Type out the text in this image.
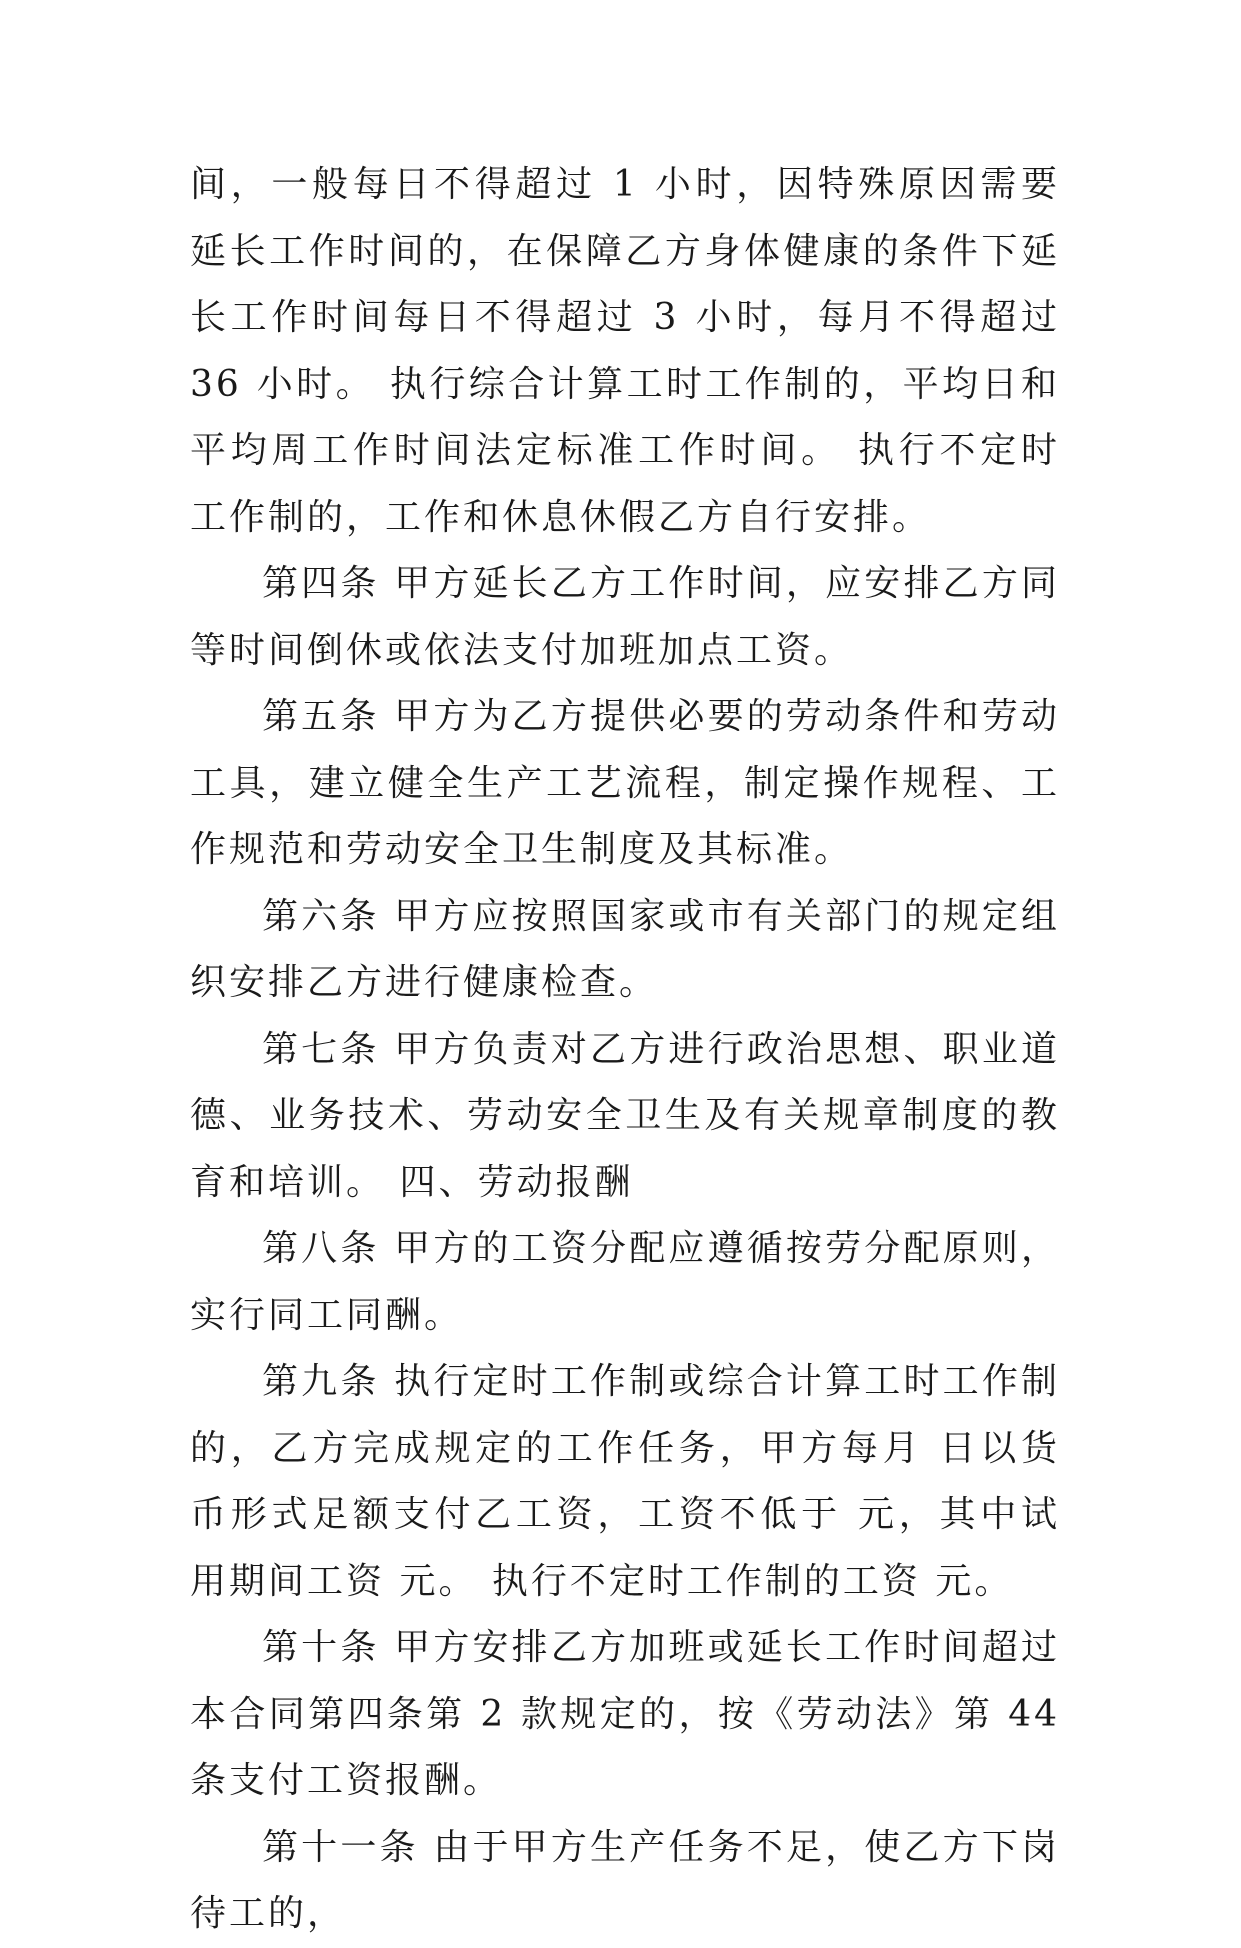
间，一般每日不得超过 1 小时，因特殊原因需要延长工作时间的，在保障乙方身体健康的条件下延长工作时间每日不得超过 3 小时，每月不得超过 36 小时。 执行综合计算工时工作制的，平均日和平均周工作时间法定标准工作时间。 执行不定时工作制的，工作和休息休假乙方自行安排。

第四条 甲方延长乙方工作时间，应安排乙方同等时间倒休或依法支付加班加点工资。

第五条 甲方为乙方提供必要的劳动条件和劳动工具，建立健全生产工艺流程，制定操作规程、工作规范和劳动安全卫生制度及其标准。

第六条 甲方应按照国家或市有关部门的规定组织安排乙方进行健康检查。

第七条 甲方负责对乙方进行政治思想、职业道德、业务技术、劳动安全卫生及有关规章制度的教育和培训。 四、劳动报酬

第八条 甲方的工资分配应遵循按劳分配原则，实行同工同酬。

第九条 执行定时工作制或综合计算工时工作制的，乙方完成规定的工作任务，甲方每月 日以货币形式足额支付乙工资，工资不低于 元，其中试用期间工资 元。 执行不定时工作制的工资 元。

第十条 甲方安排乙方加班或延长工作时间超过本合同第四条第 2 款规定的，按《劳动法》第 44 条支付工资报酬。

第十一条 由于甲方生产任务不足，使乙方下岗待工的，
